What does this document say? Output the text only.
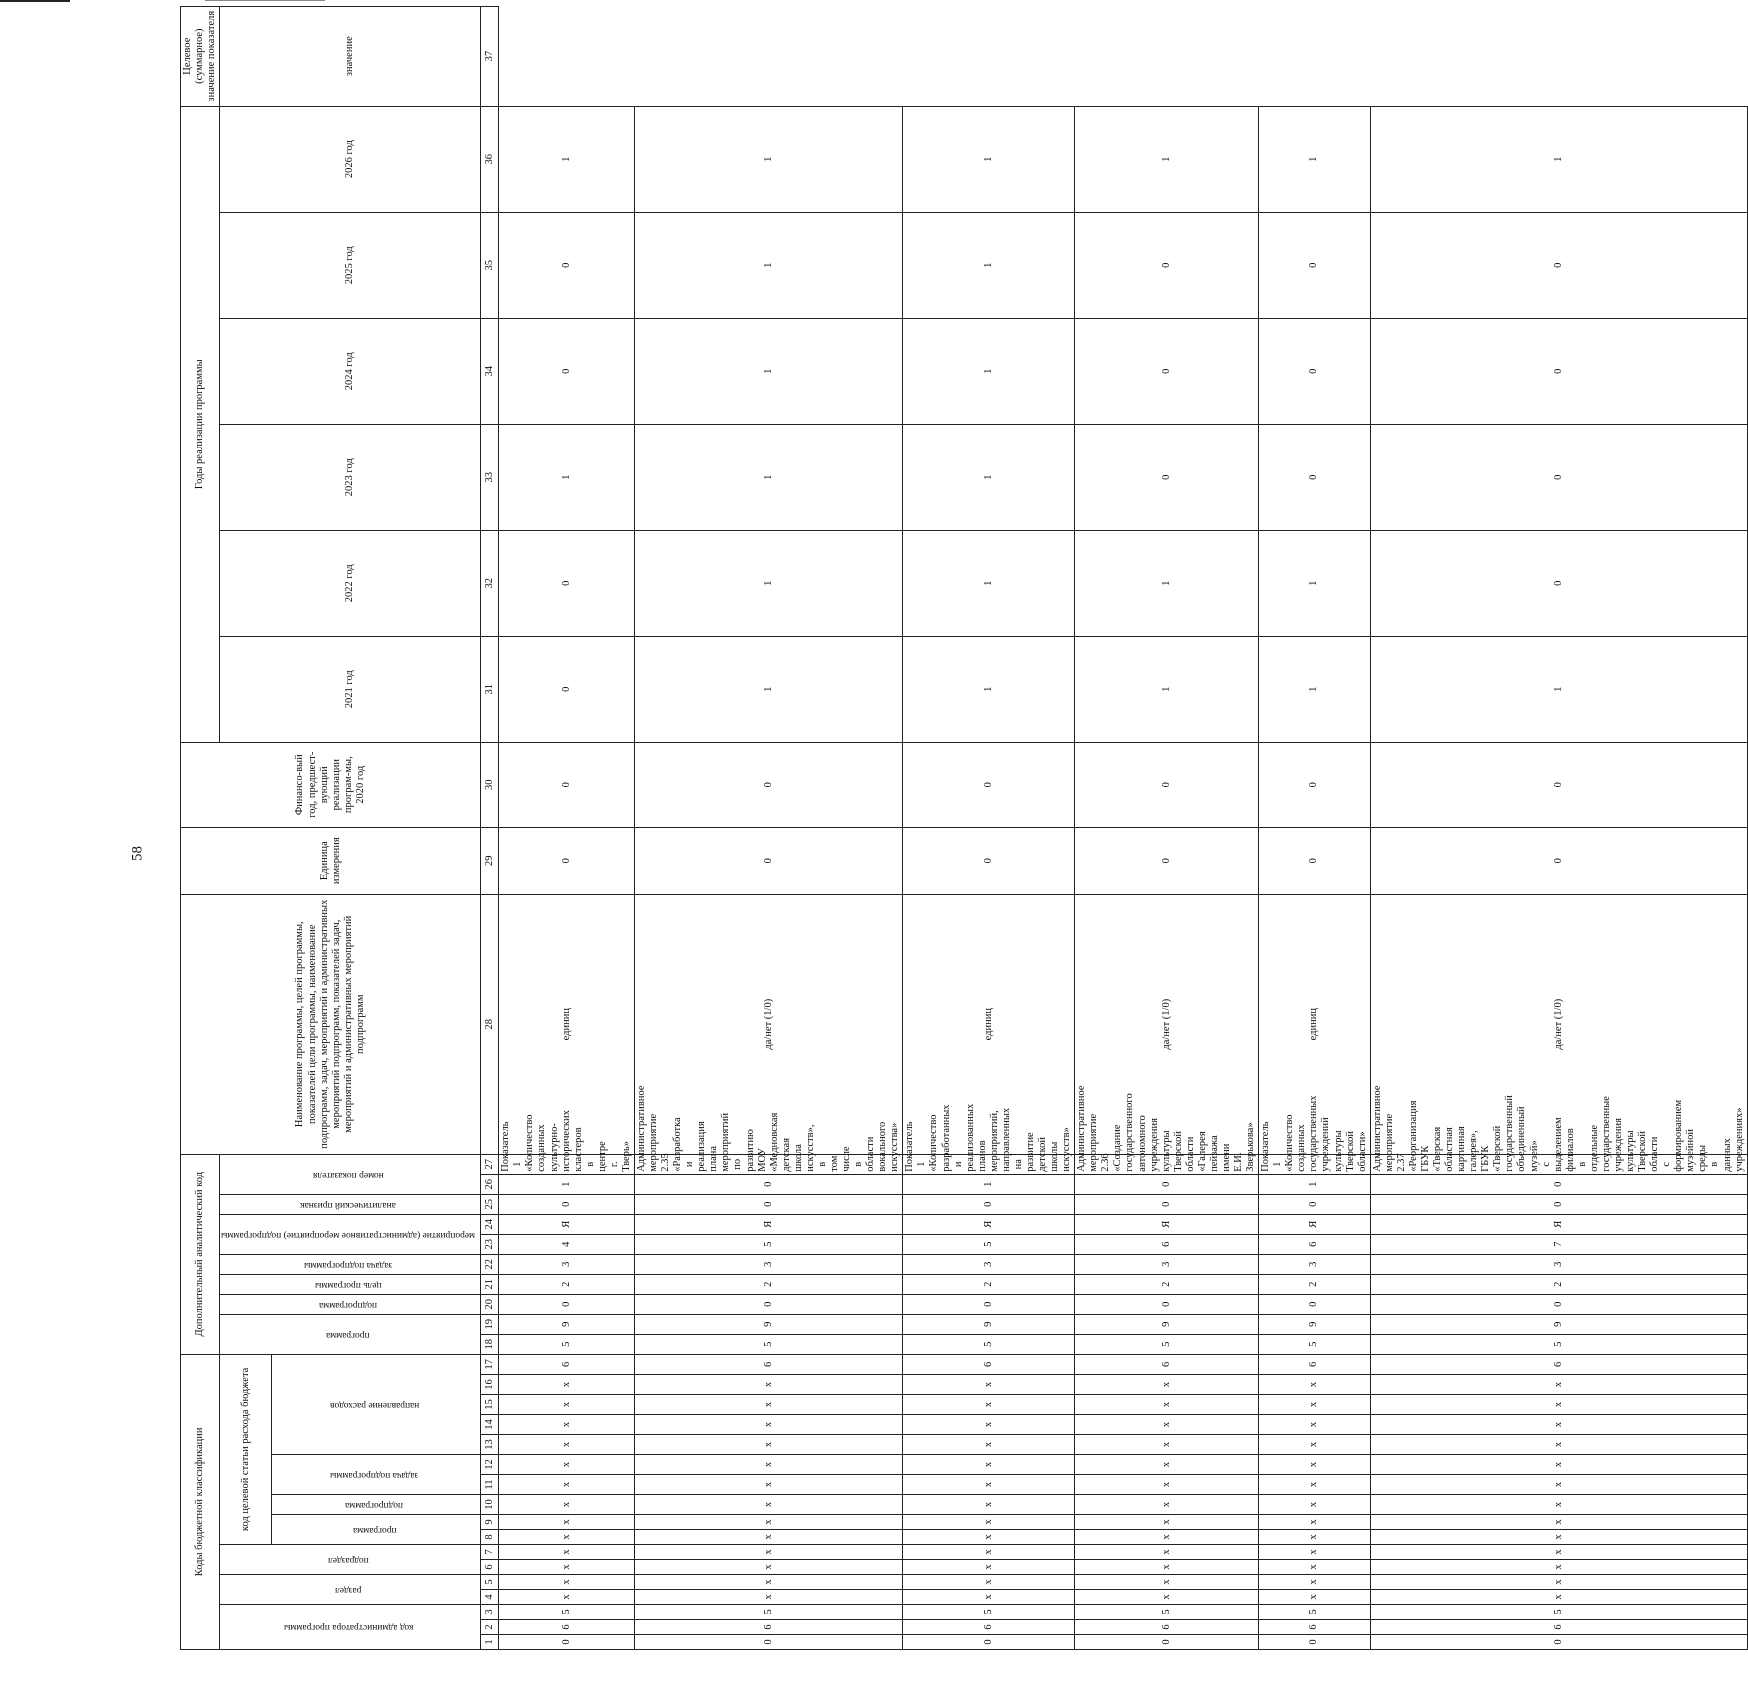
58
Коды бюджетной классификации																	Дополнительный аналитический код										Наименование программы, целей программы, показателей цели программы, наименование подпрограмм, задач, мероприятий и административных мероприятий подпрограмм, показателей задач, мероприятий и административных мероприятий подпрограмм	Единица измерения	Финансо-вый год, предшест-вующий реализации програм-мы, 2020 год	Годы реализации программы						Целевое (суммарное) значение показателя
код администратора программы			раздел		подраздел		код целевой статьи расхода бюджета										программа		подпрограмма	цель программы	задача подпрограммы	мероприятие (административное мероприятие) подпрограммы		аналитический признак	номер показателя					2021 год	2022 год	2023 год	2024 год	2025 год	2026 год	значение
							программа		подпрограмма	задача подпрограммы		направление расходов																								
1	2	3	4	5	6	7	8	9	10	11	12	13	14	15	16	17	18	19	20	21	22	23	24	25	26	27	28	29	30	31	32	33	34	35	36	37
0	6	5	х	х	х	х	х	х	х	х	х	х	х	х	х	6	5	9	0	2	3	4	Я	0	1	Показатель 1 «Количество созданных культурно-исторических кластеров в центре г. Тверь»	единиц	0	0	0	0	1	0	0	1	
0	6	5	х	х	х	х	х	х	х	х	х	х	х	х	х	6	5	9	0	2	3	5	Я	0	0	Административное мероприятие 2.35 «Разработка и реализация плана мероприятий по развитию МОУ «Медновская детская школа искусств», в том числе в области вокального искусства»	да/нет (1/0)	0	0	1	1	1	1	1	1	
0	6	5	х	х	х	х	х	х	х	х	х	х	х	х	х	6	5	9	0	2	3	5	Я	0	1	Показатель 1 «Количество разработанных и реализованных планов мероприятий, направленных на развитие детской школы искусств»	единиц	0	0	1	1	1	1	1	1	
0	6	5	х	х	х	х	х	х	х	х	х	х	х	х	х	6	5	9	0	2	3	6	Я	0	0	Административное мероприятие 2.36 «Создание государственного автономного учреждения культуры Тверской области «Галерея пейзажа имени Е.И. Зверькова»	да/нет (1/0)	0	0	1	1	0	0	0	1	
0	6	5	х	х	х	х	х	х	х	х	х	х	х	х	х	6	5	9	0	2	3	6	Я	0	1	Показатель 1 «Количество созданных государственных учреждений культуры Тверской области»	единиц	0	0	1	1	0	0	0	1	
0	6	5	х	х	х	х	х	х	х	х	х	х	х	х	х	6	5	9	0	2	3	7	Я	0	0	Административное мероприятие 2.37 «Реорганизация ГБУК «Тверская областная картинная галерея», ГБУК «Тверской государственный объединенный музей» с выделением филиалов в отдельные государственные учреждения культуры Тверской области с формированием музейной среды в данных учреждениях»	да/нет (1/0)	0	0	1	0	0	0	0	1	
